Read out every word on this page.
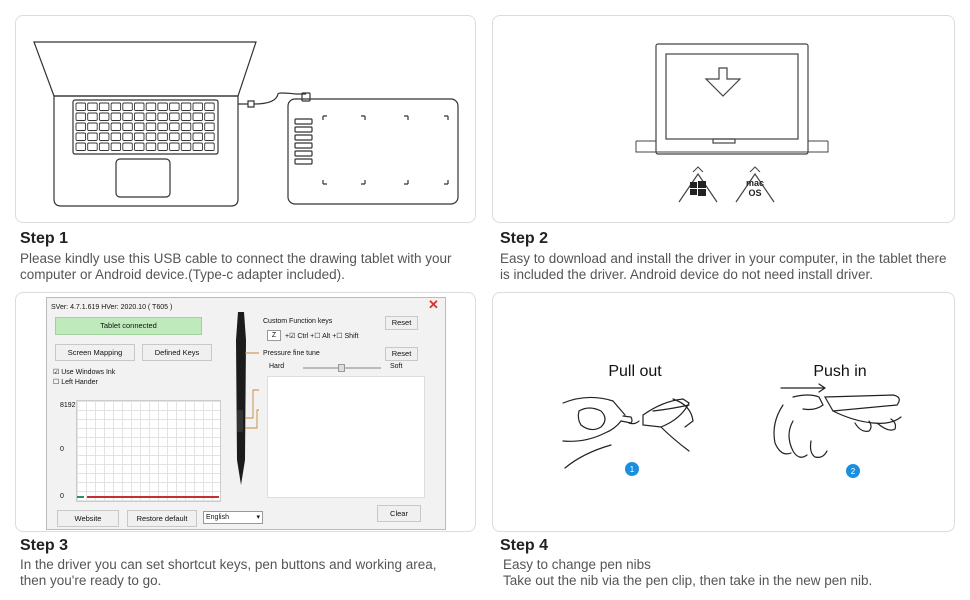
Step 1
Please kindly use this USB cable to connect the drawing tablet with your
computer or Android device.(Type-c adapter included).
mac
OS
Step 2
Easy to download and install the driver in your computer, in the tablet there
is included the driver. Android device do not need install driver.
SVer: 4.7.1.619 HVer: 2020.10 ( T605 )
Tablet connected
Screen Mapping	Defined Keys
☑ Use Windows Ink
☐ Left Hander
8192
0
0
Custom Function keys	Reset
Z	+☑ Ctrl +☐ Alt +☐ Shift
Pressure fine tune	Reset
Hard	Soft
Clear
Website	Restore default	English	▾
✕
Step 3
In the driver you can set shortcut keys, pen buttons and working area,
then you're ready to go.
Pull out	Push in
1	2
Step 4
Easy to change pen nibs
Take out the nib via the pen clip, then take in the new pen nib.
